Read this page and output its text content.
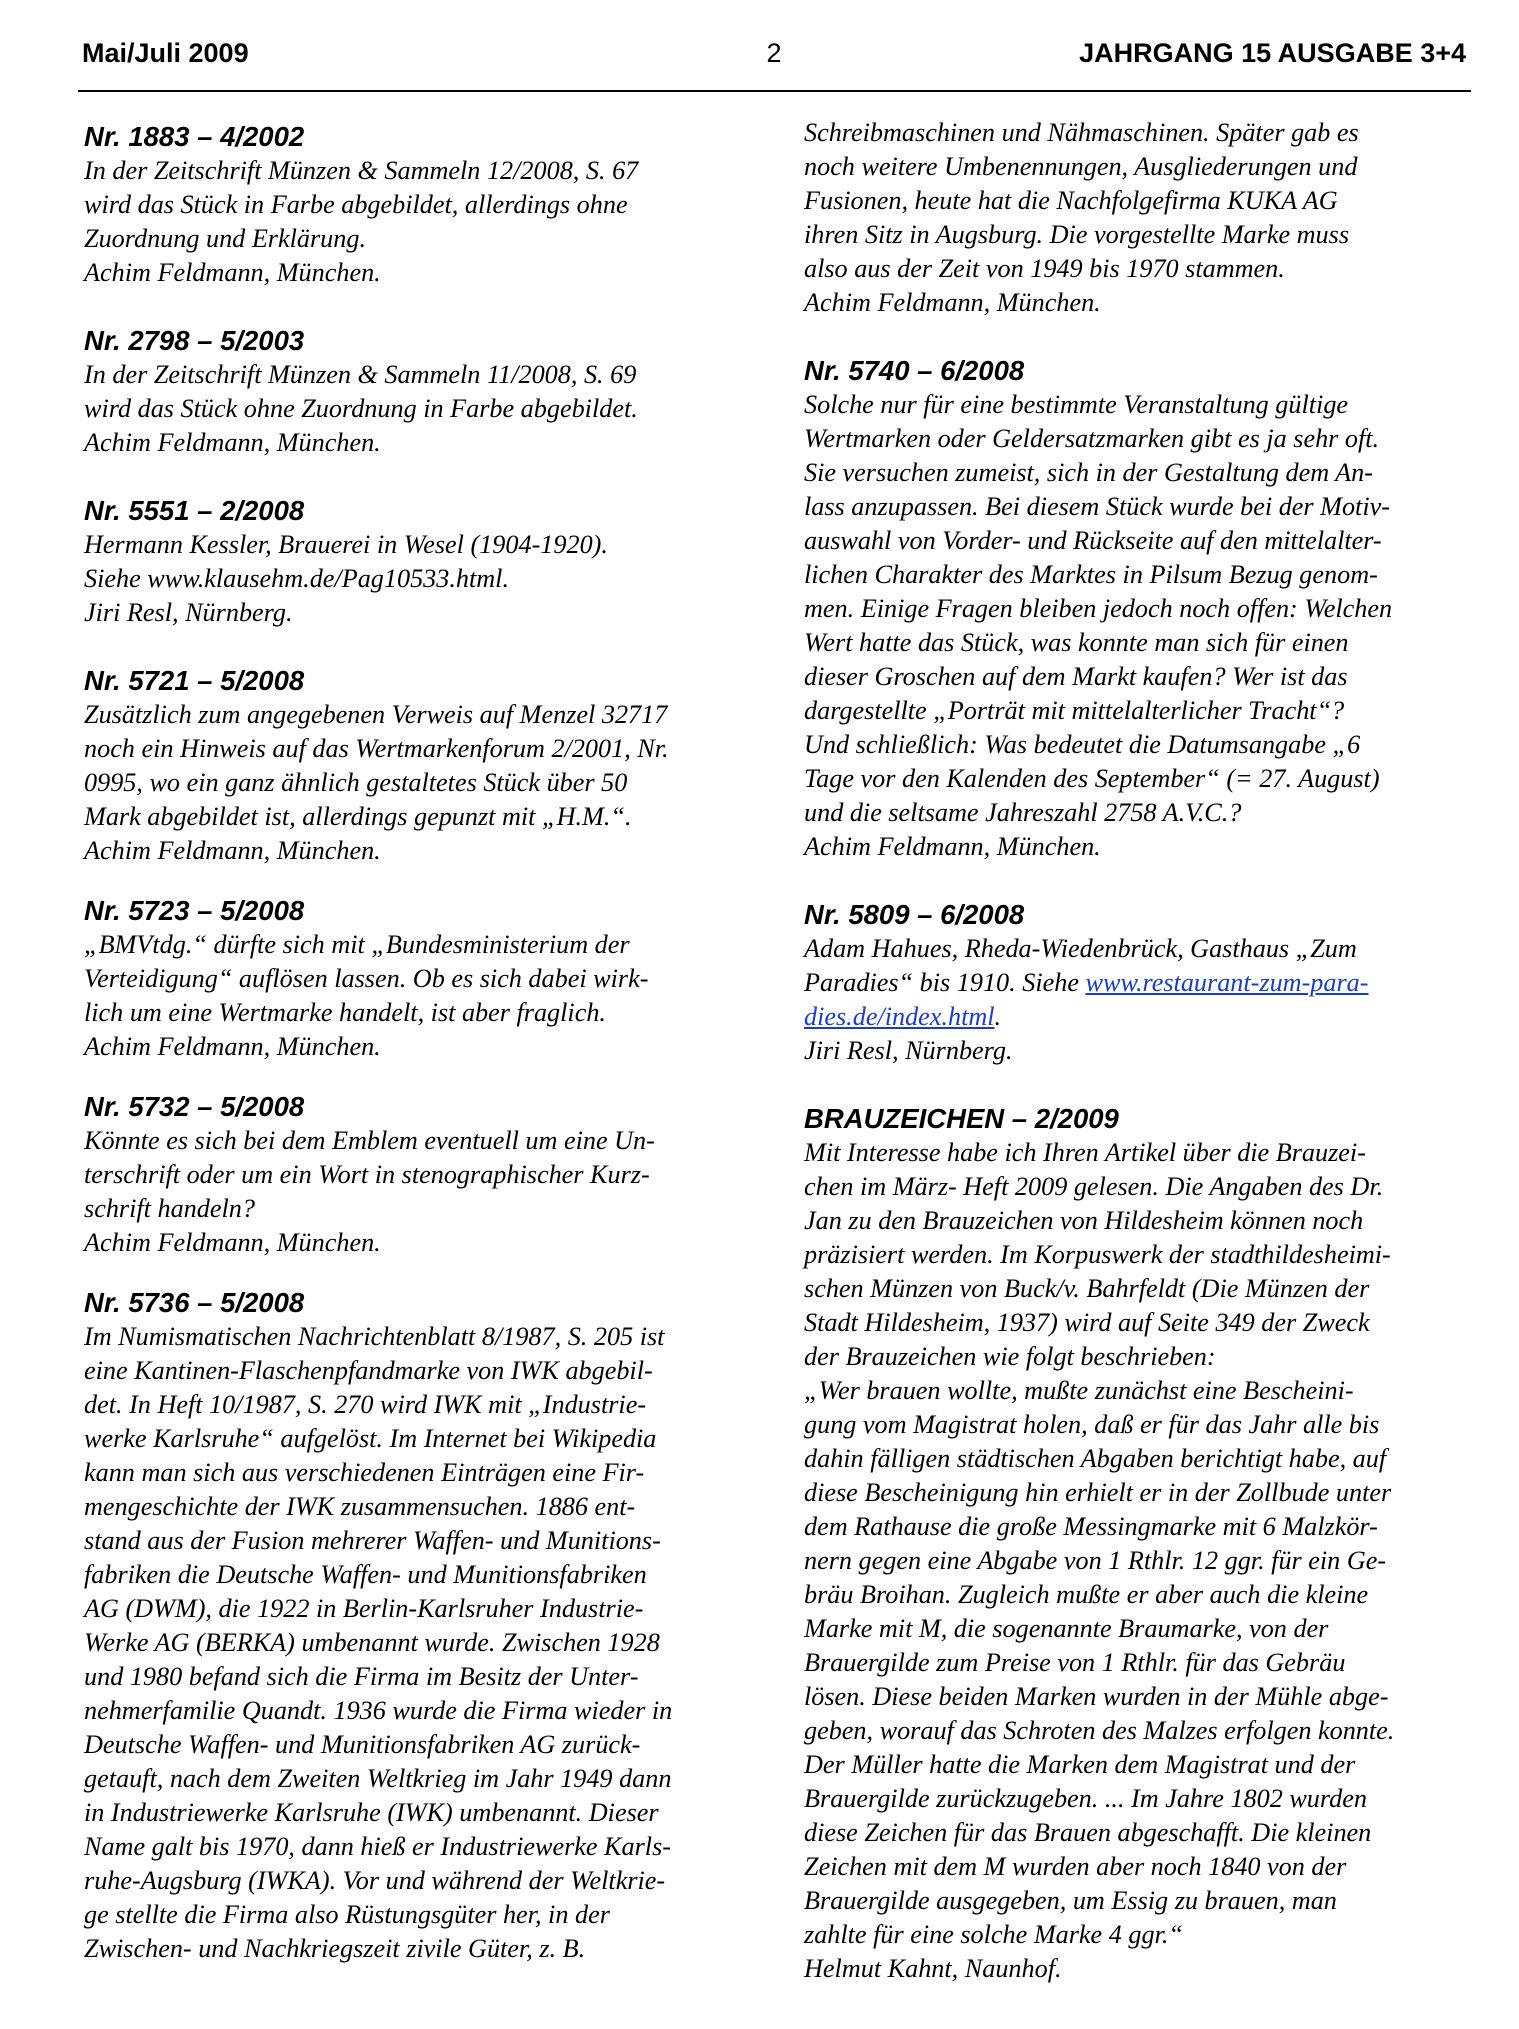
Mai/Juli 2009	2	JAHRGANG 15 AUSGABE 3+4
Nr. 1883 – 4/2002
In der Zeitschrift Münzen & Sammeln 12/2008, S. 67
wird das Stück in Farbe abgebildet, allerdings ohne
Zuordnung und Erklärung.
Achim Feldmann, München.
Nr. 2798 – 5/2003
In der Zeitschrift Münzen & Sammeln 11/2008, S. 69
wird das Stück ohne Zuordnung in Farbe abgebildet.
Achim Feldmann, München.
Nr. 5551 – 2/2008
Hermann Kessler, Brauerei in Wesel (1904-1920).
Siehe www.klausehm.de/Pag10533.html.
Jiri Resl, Nürnberg.
Nr. 5721 – 5/2008
Zusätzlich zum angegebenen Verweis auf Menzel 32717
noch ein Hinweis auf das Wertmarkenforum 2/2001, Nr.
0995, wo ein ganz ähnlich gestaltetes Stück über 50
Mark abgebildet ist, allerdings gepunzt mit „H.M.“.
Achim Feldmann, München.
Nr. 5723 – 5/2008
„BMVtdg.“ dürfte sich mit „Bundesministerium der
Verteidigung“ auflösen lassen. Ob es sich dabei wirk-
lich um eine Wertmarke handelt, ist aber fraglich.
Achim Feldmann, München.
Nr. 5732 – 5/2008
Könnte es sich bei dem Emblem eventuell um eine Un-
terschrift oder um ein Wort in stenographischer Kurz-
schrift handeln?
Achim Feldmann, München.
Nr. 5736 – 5/2008
Im Numismatischen Nachrichtenblatt 8/1987, S. 205 ist
eine Kantinen-Flaschenpfandmarke von IWK abgebil-
det. In Heft 10/1987, S. 270 wird IWK mit „Industrie-
werke Karlsruhe“ aufgelöst. Im Internet bei Wikipedia
kann man sich aus verschiedenen Einträgen eine Fir-
mengeschichte der IWK zusammensuchen. 1886 ent-
stand aus der Fusion mehrerer Waffen- und Munitions-
fabriken die Deutsche Waffen- und Munitionsfabriken
AG (DWM), die 1922 in Berlin-Karlsruher Industrie-
Werke AG (BERKA) umbenannt wurde. Zwischen 1928
und 1980 befand sich die Firma im Besitz der Unter-
nehmerfamilie Quandt. 1936 wurde die Firma wieder in
Deutsche Waffen- und Munitionsfabriken AG zurück-
getauft, nach dem Zweiten Weltkrieg im Jahr 1949 dann
in Industriewerke Karlsruhe (IWK) umbenannt. Dieser
Name galt bis 1970, dann hieß er Industriewerke Karls-
ruhe-Augsburg (IWKA). Vor und während der Weltkrie-
ge stellte die Firma also Rüstungsgüter her, in der
Zwischen- und Nachkriegszeit zivile Güter, z. B.
Schreibmaschinen und Nähmaschinen. Später gab es
noch weitere Umbenennungen, Ausgliederungen und
Fusionen, heute hat die Nachfolgefirma KUKA AG
ihren Sitz in Augsburg. Die vorgestellte Marke muss
also aus der Zeit von 1949 bis 1970 stammen.
Achim Feldmann, München.
Nr. 5740 – 6/2008
Solche nur für eine bestimmte Veranstaltung gültige
Wertmarken oder Geldersatzmarken gibt es ja sehr oft.
Sie versuchen zumeist, sich in der Gestaltung dem An-
lass anzupassen. Bei diesem Stück wurde bei der Motiv-
auswahl von Vorder- und Rückseite auf den mittelalter-
lichen Charakter des Marktes in Pilsum Bezug genom-
men. Einige Fragen bleiben jedoch noch offen: Welchen
Wert hatte das Stück, was konnte man sich für einen
dieser Groschen auf dem Markt kaufen? Wer ist das
dargestellte „Porträt mit mittelalterlicher Tracht“?
Und schließlich: Was bedeutet die Datumsangabe „6
Tage vor den Kalenden des September“ (= 27. August)
und die seltsame Jahreszahl 2758 A.V.C.?
Achim Feldmann, München.
Nr. 5809 – 6/2008
Adam Hahues, Rheda-Wiedenbrück, Gasthaus „Zum
Paradies“ bis 1910. Siehe www.restaurant-zum-para-
dies.de/index.html.
Jiri Resl, Nürnberg.
BRAUZEICHEN – 2/2009
Mit Interesse habe ich Ihren Artikel über die Brauzei-
chen im März- Heft 2009 gelesen. Die Angaben des Dr.
Jan zu den Brauzeichen von Hildesheim können noch
präzisiert werden. Im Korpuswerk der stadthildesheimi-
schen Münzen von Buck/v. Bahrfeldt (Die Münzen der
Stadt Hildesheim, 1937) wird auf Seite 349 der Zweck
der Brauzeichen wie folgt beschrieben:
„Wer brauen wollte, mußte zunächst eine Bescheini-
gung vom Magistrat holen, daß er für das Jahr alle bis
dahin fälligen städtischen Abgaben berichtigt habe, auf
diese Bescheinigung hin erhielt er in der Zollbude unter
dem Rathause die große Messingmarke mit 6 Malzkör-
nern gegen eine Abgabe von 1 Rthlr. 12 ggr. für ein Ge-
bräu Broihan. Zugleich mußte er aber auch die kleine
Marke mit M, die sogenannte Braumarke, von der
Brauergilde zum Preise von 1 Rthlr. für das Gebräu
lösen. Diese beiden Marken wurden in der Mühle abge-
geben, worauf das Schroten des Malzes erfolgen konnte.
Der Müller hatte die Marken dem Magistrat und der
Brauergilde zurückzugeben. ... Im Jahre 1802 wurden
diese Zeichen für das Brauen abgeschafft. Die kleinen
Zeichen mit dem M wurden aber noch 1840 von der
Brauergilde ausgegeben, um Essig zu brauen, man
zahlte für eine solche Marke 4 ggr.“
Helmut Kahnt, Naunhof.
